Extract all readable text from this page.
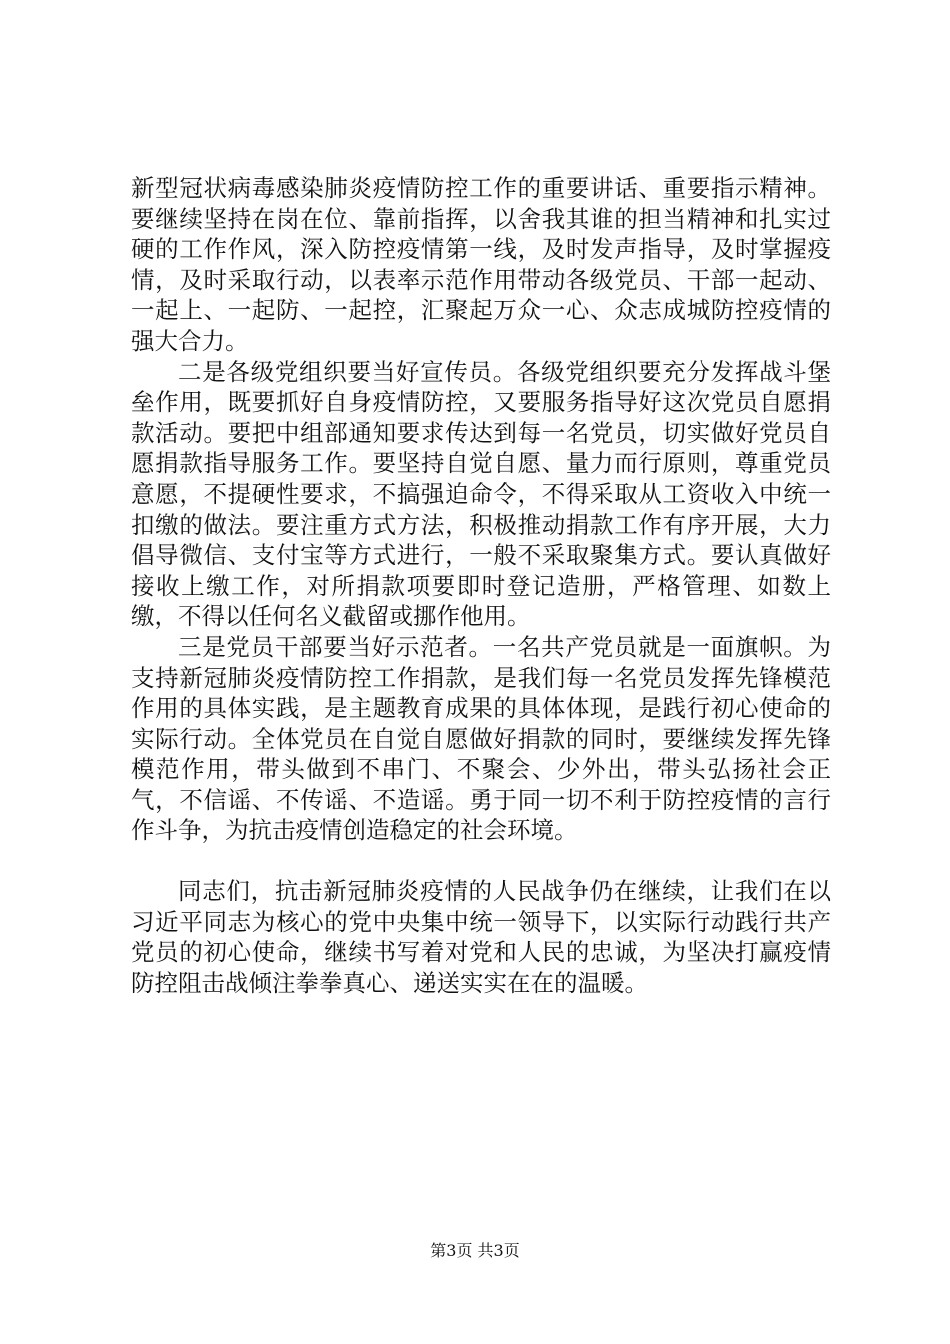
新型冠状病毒感染肺炎疫情防控工作的重要讲话、重要指示精神。要继续坚持在岗在位、靠前指挥，以舍我其谁的担当精神和扎实过硬的工作作风，深入防控疫情第一线，及时发声指导，及时掌握疫情，及时采取行动，以表率示范作用带动各级党员、干部一起动、一起上、一起防、一起控，汇聚起万众一心、众志成城防控疫情的强大合力。

二是各级党组织要当好宣传员。各级党组织要充分发挥战斗堡垒作用，既要抓好自身疫情防控，又要服务指导好这次党员自愿捐款活动。要把中组部通知要求传达到每一名党员，切实做好党员自愿捐款指导服务工作。要坚持自觉自愿、量力而行原则，尊重党员意愿，不提硬性要求，不搞强迫命令，不得采取从工资收入中统一扣缴的做法。要注重方式方法，积极推动捐款工作有序开展，大力倡导微信、支付宝等方式进行，一般不采取聚集方式。要认真做好接收上缴工作，对所捐款项要即时登记造册，严格管理、如数上缴，不得以任何名义截留或挪作他用。

三是党员干部要当好示范者。一名共产党员就是一面旗帜。为支持新冠肺炎疫情防控工作捐款，是我们每一名党员发挥先锋模范作用的具体实践，是主题教育成果的具体体现，是践行初心使命的实际行动。全体党员在自觉自愿做好捐款的同时，要继续发挥先锋模范作用，带头做到不串门、不聚会、少外出，带头弘扬社会正气，不信谣、不传谣、不造谣。勇于同一切不利于防控疫情的言行作斗争，为抗击疫情创造稳定的社会环境。

同志们，抗击新冠肺炎疫情的人民战争仍在继续，让我们在以习近平同志为核心的党中央集中统一领导下，以实际行动践行共产党员的初心使命，继续书写着对党和人民的忠诚，为坚决打赢疫情防控阻击战倾注拳拳真心、递送实实在在的温暖。

第3页 共3页
